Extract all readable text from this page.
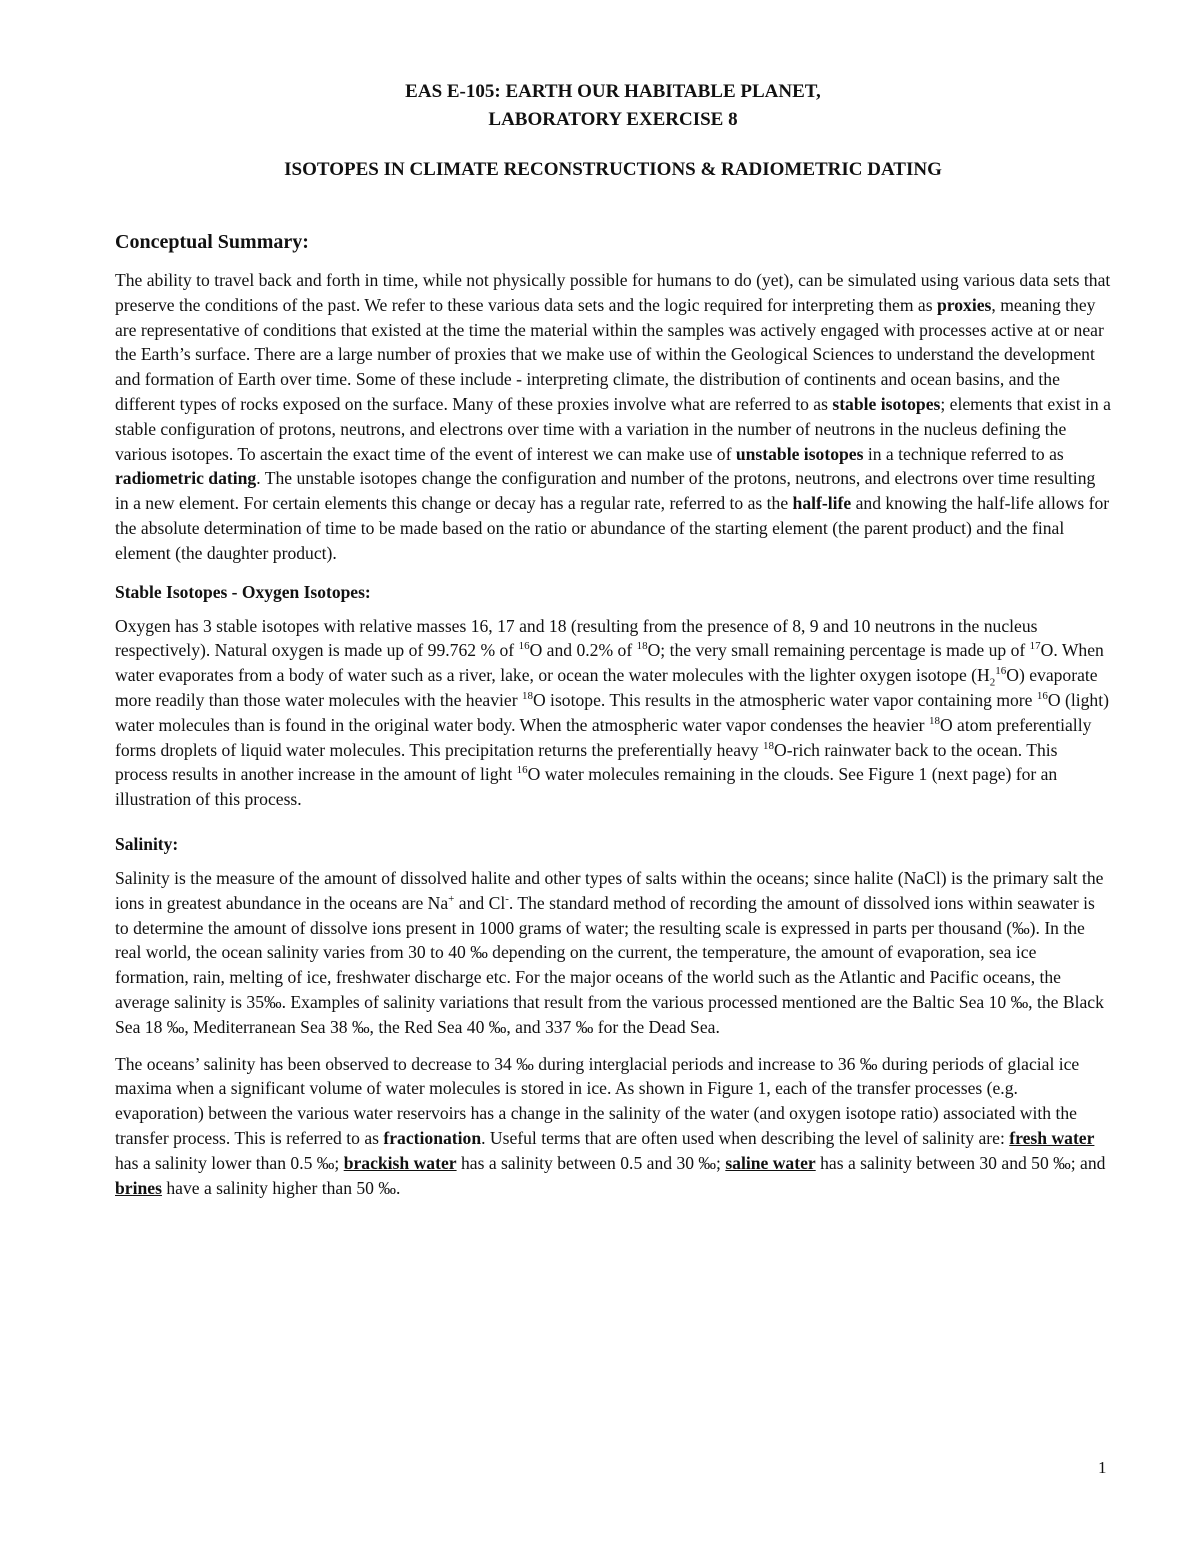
EAS E-105: EARTH OUR HABITABLE PLANET,
LABORATORY EXERCISE 8

ISOTOPES IN CLIMATE RECONSTRUCTIONS & RADIOMETRIC DATING

Conceptual Summary:

The ability to travel back and forth in time, while not physically possible for humans to do (yet), can be simulated using various data sets that preserve the conditions of the past. We refer to these various data sets and the logic required for interpreting them as proxies, meaning they are representative of conditions that existed at the time the material within the samples was actively engaged with processes active at or near the Earth’s surface. There are a large number of proxies that we make use of within the Geological Sciences to understand the development and formation of Earth over time. Some of these include - interpreting climate, the distribution of continents and ocean basins, and the different types of rocks exposed on the surface. Many of these proxies involve what are referred to as stable isotopes; elements that exist in a stable configuration of protons, neutrons, and electrons over time with a variation in the number of neutrons in the nucleus defining the various isotopes. To ascertain the exact time of the event of interest we can make use of unstable isotopes in a technique referred to as radiometric dating. The unstable isotopes change the configuration and number of the protons, neutrons, and electrons over time resulting in a new element. For certain elements this change or decay has a regular rate, referred to as the half-life and knowing the half-life allows for the absolute determination of time to be made based on the ratio or abundance of the starting element (the parent product) and the final element (the daughter product).

Stable Isotopes - Oxygen Isotopes:

Oxygen has 3 stable isotopes with relative masses 16, 17 and 18 (resulting from the presence of 8, 9 and 10 neutrons in the nucleus respectively). Natural oxygen is made up of 99.762 % of $^{16}$O and 0.2% of $^{18}$O; the very small remaining percentage is made up of $^{17}$O. When water evaporates from a body of water such as a river, lake, or ocean the water molecules with the lighter oxygen isotope $(H_2^{16}O)$ evaporate more readily than those water molecules with the heavier $^{18}$O isotope. This results in the atmospheric water vapor containing more $^{16}$O (light) water molecules than is found in the original water body. When the atmospheric water vapor condenses the heavier $^{18}$O atom preferentially forms droplets of liquid water molecules. This precipitation returns the preferentially heavy $^{18}$O-rich rainwater back to the ocean. This process results in another increase in the amount of light $^{16}$O water molecules remaining in the clouds. See Figure 1 (next page) for an illustration of this process.

Salinity:

Salinity is the measure of the amount of dissolved halite and other types of salts within the oceans; since halite (NaCl) is the primary salt the ions in greatest abundance in the oceans are Na+ and Cl-. The standard method of recording the amount of dissolved ions within seawater is to determine the amount of dissolve ions present in 1000 grams of water; the resulting scale is expressed in parts per thousand (‰). In the real world, the ocean salinity varies from 30 to 40 ‰ depending on the current, the temperature, the amount of evaporation, sea ice formation, rain, melting of ice, freshwater discharge etc. For the major oceans of the world such as the Atlantic and Pacific oceans, the average salinity is 35‰. Examples of salinity variations that result from the various processed mentioned are the Baltic Sea 10 ‰, the Black Sea 18 ‰, Mediterranean Sea 38 ‰, the Red Sea 40 ‰, and 337 ‰ for the Dead Sea.

The oceans’ salinity has been observed to decrease to 34 ‰ during interglacial periods and increase to 36 ‰ during periods of glacial ice maxima when a significant volume of water molecules is stored in ice. As shown in Figure 1, each of the transfer processes (e.g. evaporation) between the various water reservoirs has a change in the salinity of the water (and oxygen isotope ratio) associated with the transfer process. This is referred to as fractionation. Useful terms that are often used when describing the level of salinity are: fresh water has a salinity lower than 0.5 ‰; brackish water has a salinity between 0.5 and 30 ‰; saline water has a salinity between 30 and 50 ‰; and brines have a salinity higher than 50 ‰.

1
